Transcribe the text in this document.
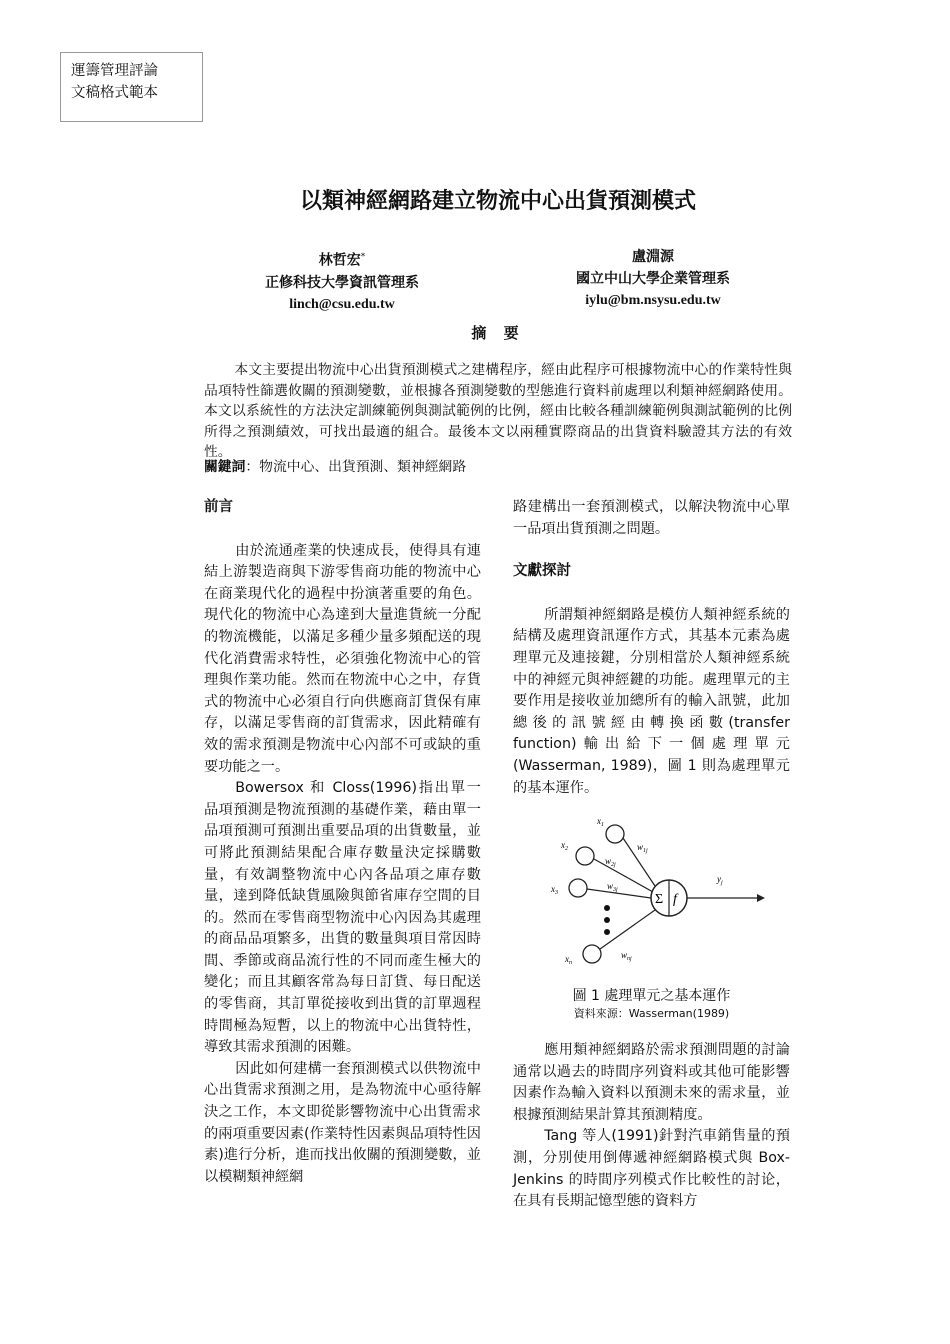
運籌管理評論
文稿格式範本
以類神經網路建立物流中心出貨預測模式
林哲宏*
正修科技大學資訊管理系
linch@csu.edu.tw
盧淵源
國立中山大學企業管理系
iylu@bm.nsysu.edu.tw
摘 要
本文主要提出物流中心出貨預測模式之建構程序，經由此程序可根據物流中心的作業特性與品項特性篩選攸關的預測變數，並根據各預測變數的型態進行資料前處理以利類神經網路使用。本文以系統性的方法決定訓練範例與測試範例的比例，經由比較各種訓練範例與測試範例的比例所得之預測績效，可找出最適的組合。最後本文以兩種實際商品的出貨資料驗證其方法的有效性。
關鍵詞：物流中心、出貨預測、類神經網路

前言

由於流通產業的快速成長，使得具有連結上游製造商與下游零售商功能的物流中心在商業現代化的過程中扮演著重要的角色。現代化的物流中心為達到大量進貨統一分配的物流機能，以滿足多種少量多頻配送的現代化消費需求特性，必須強化物流中心的管理與作業功能。然而在物流中心之中，存貨式的物流中心必須自行向供應商訂貨保有庫存，以滿足零售商的訂貨需求，因此精確有效的需求預測是物流中心內部不可或缺的重要功能之一。

Bowersox 和 Closs(1996)指出單一品項預測是物流預測的基礎作業，藉由單一品項預測可預測出重要品項的出貨數量，並可將此預測結果配合庫存數量決定採購數量，有效調整物流中心內各品項之庫存數量，達到降低缺貨風險與節省庫存空間的目的。然而在零售商型物流中心內因為其處理的商品品項繁多，出貨的數量與項目常因時間、季節或商品流行性的不同而產生極大的變化；而且其顧客常為每日訂貨、每日配送的零售商，其訂單從接收到出貨的訂單週程時間極為短暫，以上的物流中心出貨特性，導致其需求預測的困難。

因此如何建構一套預測模式以供物流中心出貨需求預測之用，是為物流中心亟待解決之工作，本文即從影響物流中心出貨需求的兩項重要因素(作業特性因素與品項特性因素)進行分析，進而找出攸關的預測變數，並以模糊類神經網

路建構出一套預測模式，以解決物流中心單一品項出貨預測之問題。

文獻探討

所謂類神經網路是模仿人類神經系統的結構及處理資訊運作方式，其基本元素為處理單元及連接鍵，分別相當於人類神經系統中的神經元與神經鍵的功能。處理單元的主要作用是接收並加總所有的輸入訊號，此加總後的訊號經由轉換函數(transfer function)輸出給下一個處理單元(Wasserman, 1989)，圖 1 則為處理單元的基本運作。

Σ f
$x_1$
$x_2$
$x_3$
$x_n$
$w_{1j}$
$w_{2j}$
$w_{3j}$
$w_{nj}$
$y_j$
圖 1 處理單元之基本運作
資料來源：Wasserman(1989)

應用類神經網路於需求預測問題的討論通常以過去的時間序列資料或其他可能影響因素作為輸入資料以預測未來的需求量，並根據預測結果計算其預測精度。

Tang 等人(1991)針對汽車銷售量的預測，分別使用倒傳遞神經網路模式與 Box-Jenkins 的時間序列模式作比較性的討论，在具有長期記憶型態的資料方
